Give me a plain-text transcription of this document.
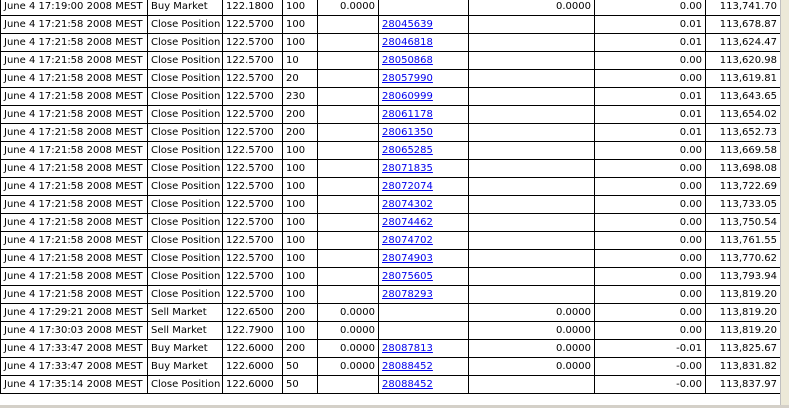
June 4 17:19:00 2008 MEST	Buy Market	122.1800	100	0.0000		0.0000	0.00	113,741.70
June 4 17:21:58 2008 MEST	Close Position	122.5700	100		28045639		0.01	113,678.87
June 4 17:21:58 2008 MEST	Close Position	122.5700	100		28046818		0.01	113,624.47
June 4 17:21:58 2008 MEST	Close Position	122.5700	10		28050868		0.00	113,620.98
June 4 17:21:58 2008 MEST	Close Position	122.5700	20		28057990		0.00	113,619.81
June 4 17:21:58 2008 MEST	Close Position	122.5700	230		28060999		0.01	113,643.65
June 4 17:21:58 2008 MEST	Close Position	122.5700	200		28061178		0.01	113,654.02
June 4 17:21:58 2008 MEST	Close Position	122.5700	200		28061350		0.01	113,652.73
June 4 17:21:58 2008 MEST	Close Position	122.5700	100		28065285		0.00	113,669.58
June 4 17:21:58 2008 MEST	Close Position	122.5700	100		28071835		0.00	113,698.08
June 4 17:21:58 2008 MEST	Close Position	122.5700	100		28072074		0.00	113,722.69
June 4 17:21:58 2008 MEST	Close Position	122.5700	100		28074302		0.00	113,733.05
June 4 17:21:58 2008 MEST	Close Position	122.5700	100		28074462		0.00	113,750.54
June 4 17:21:58 2008 MEST	Close Position	122.5700	100		28074702		0.00	113,761.55
June 4 17:21:58 2008 MEST	Close Position	122.5700	100		28074903		0.00	113,770.62
June 4 17:21:58 2008 MEST	Close Position	122.5700	100		28075605		0.00	113,793.94
June 4 17:21:58 2008 MEST	Close Position	122.5700	100		28078293		0.00	113,819.20
June 4 17:29:21 2008 MEST	Sell Market	122.6500	200	0.0000		0.0000	0.00	113,819.20
June 4 17:30:03 2008 MEST	Sell Market	122.7900	100	0.0000		0.0000	0.00	113,819.20
June 4 17:33:47 2008 MEST	Buy Market	122.6000	200	0.0000	28087813	0.0000	-0.01	113,825.67
June 4 17:33:47 2008 MEST	Buy Market	122.6000	50	0.0000	28088452	0.0000	-0.00	113,831.82
June 4 17:35:14 2008 MEST	Close Position	122.6000	50		28088452		-0.00	113,837.97
